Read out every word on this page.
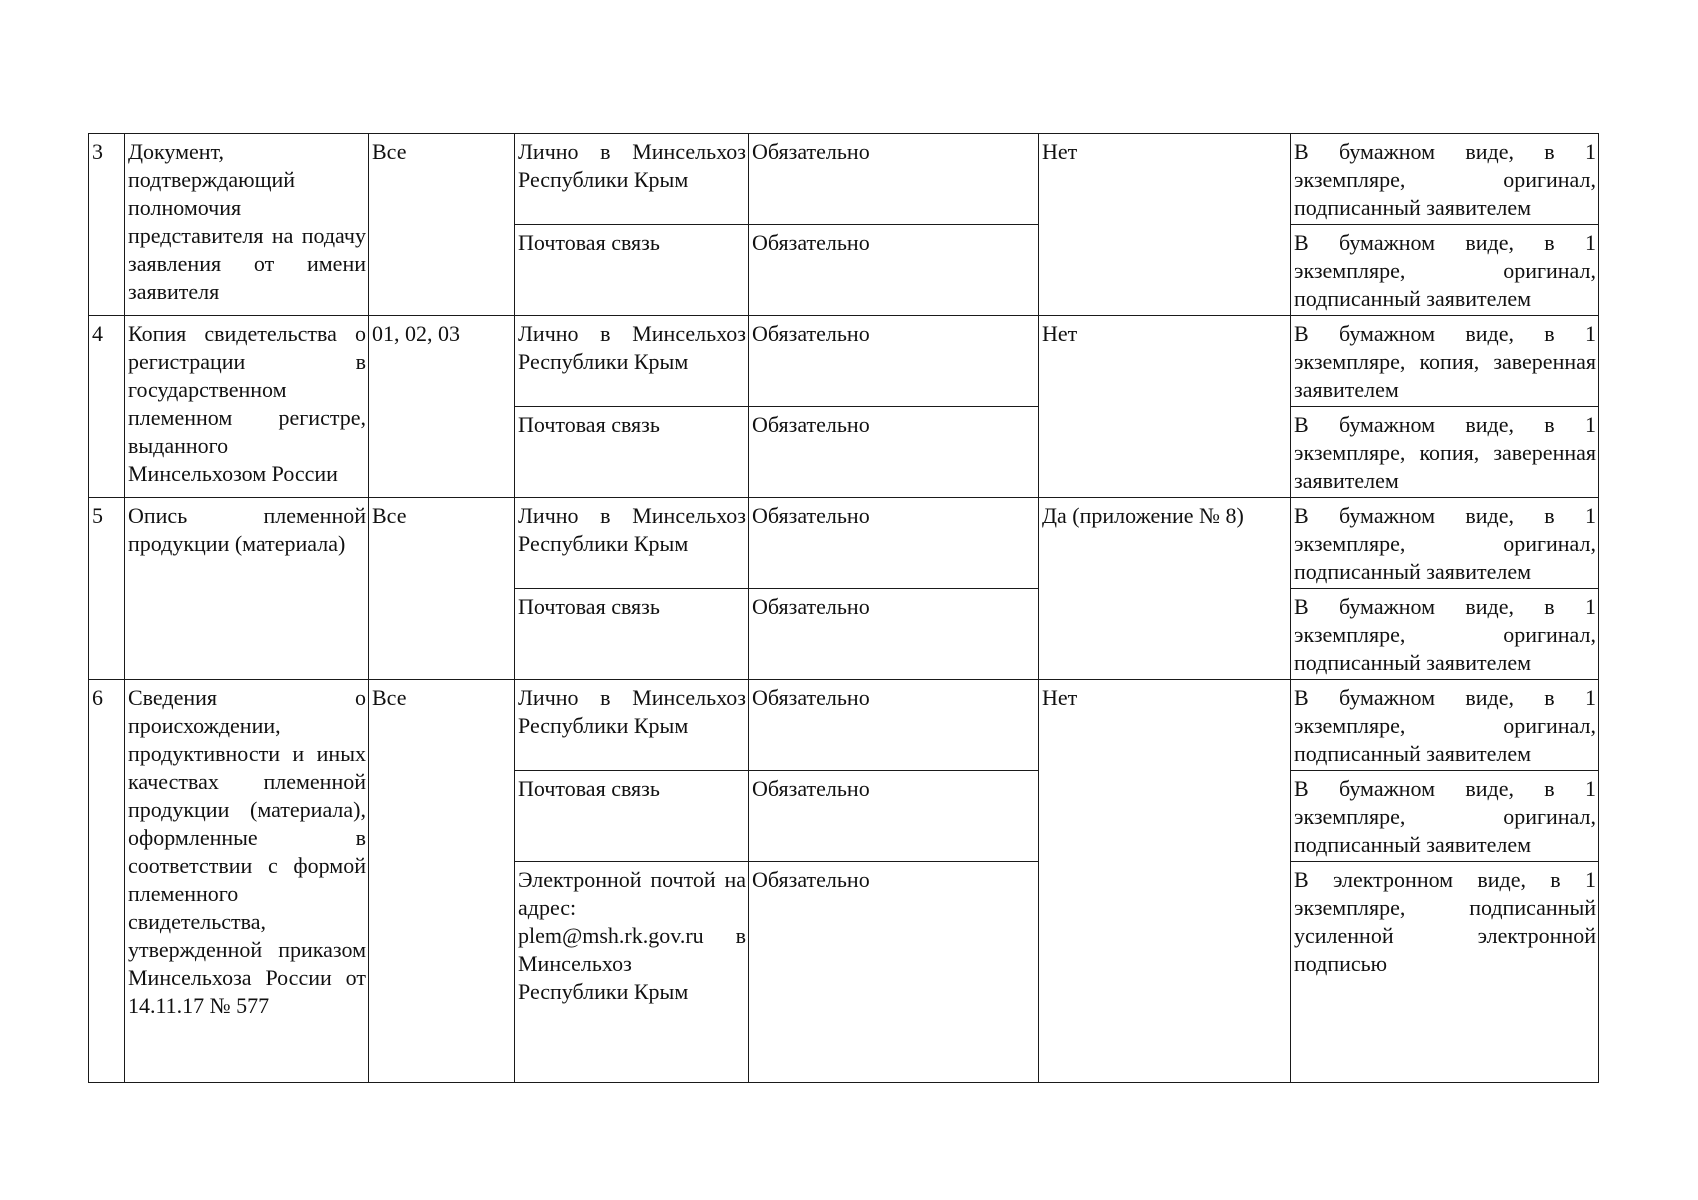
3	Документ, подтверждающий полномочия представителя на подачу заявления от имени заявителя	Все	Лично в Минсельхоз Республики Крым	Обязательно	Нет	В бумажном виде, в 1 экземпляре, оригинал, подписанный заявителем
			Почтовая связь	Обязательно		В бумажном виде, в 1 экземпляре, оригинал, подписанный заявителем
4	Копия свидетельства о регистрации в государственном племенном регистре, выданного Минсельхозом России	01, 02, 03	Лично в Минсельхоз Республики Крым	Обязательно	Нет	В бумажном виде, в 1 экземпляре, копия, заверенная заявителем
			Почтовая связь	Обязательно		В бумажном виде, в 1 экземпляре, копия, заверенная заявителем
5	Опись племенной продукции (материала)	Все	Лично в Минсельхоз Республики Крым	Обязательно	Да (приложение № 8)	В бумажном виде, в 1 экземпляре, оригинал, подписанный заявителем
			Почтовая связь	Обязательно		В бумажном виде, в 1 экземпляре, оригинал, подписанный заявителем
6	Сведения о происхождении, продуктивности и иных качествах племенной продукции (материала), оформленные в соответствии с формой племенного свидетельства, утвержденной приказом Минсельхоза России от 14.11.17 № 577	Все	Лично в Минсельхоз Республики Крым	Обязательно	Нет	В бумажном виде, в 1 экземпляре, оригинал, подписанный заявителем
			Почтовая связь	Обязательно		В бумажном виде, в 1 экземпляре, оригинал, подписанный заявителем
			Электронной почтой на адрес: plem@msh.rk.gov.ru в Минсельхоз Республики Крым	Обязательно		В электронном виде, в 1 экземпляре, подписанный усиленной электронной подписью
